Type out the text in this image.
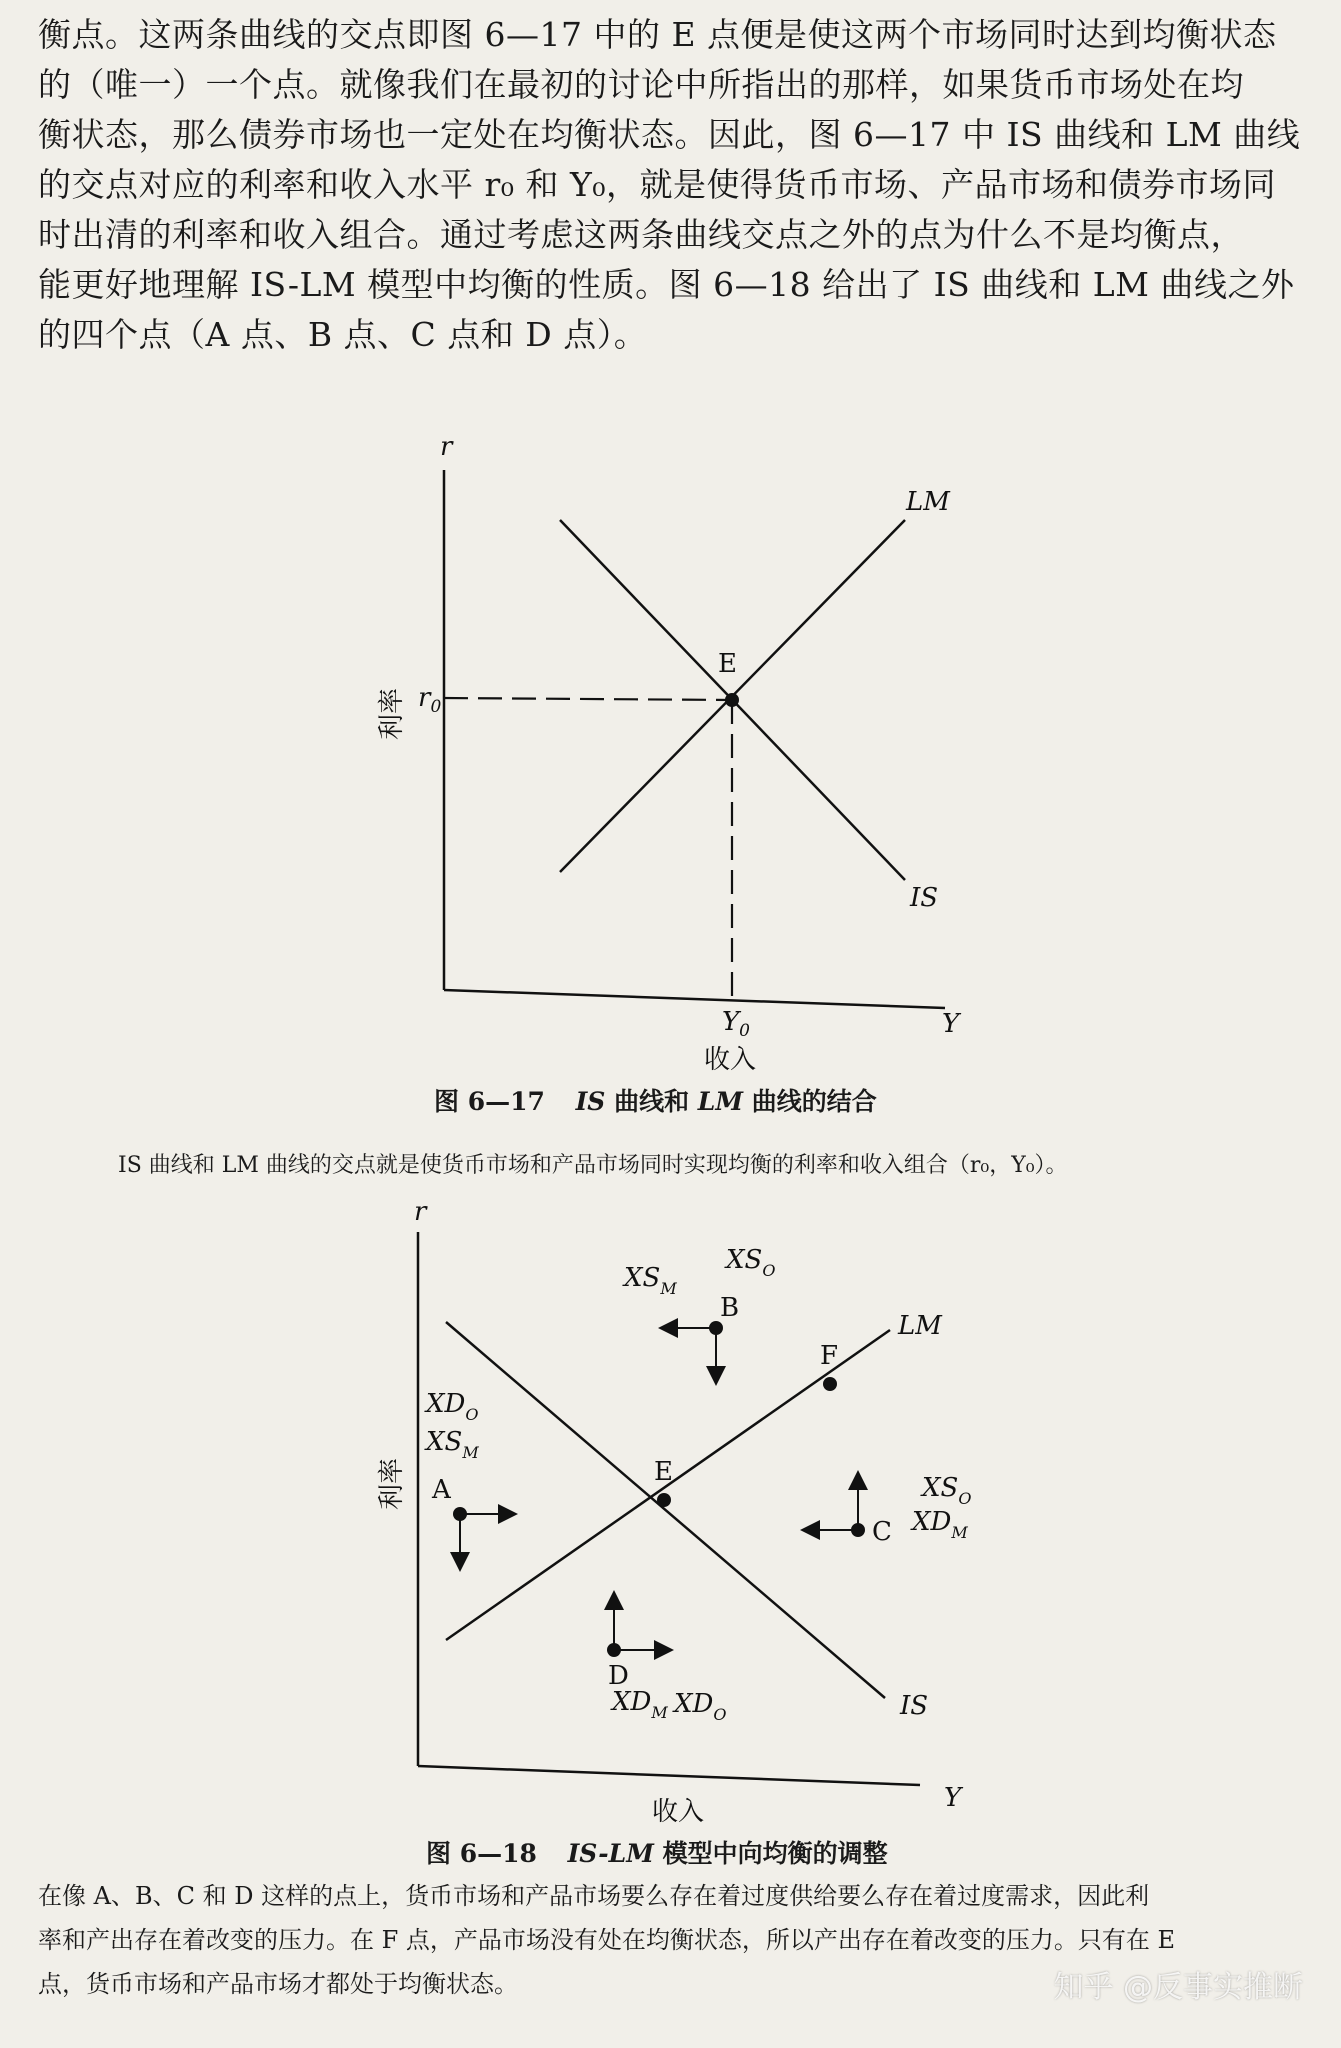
衡点。这两条曲线的交点即图 6—17 中的 E 点便是使这两个市场同时达到均衡状态
的（唯一）一个点。就像我们在最初的讨论中所指出的那样，如果货币市场处在均
衡状态，那么债券市场也一定处在均衡状态。因此，图 6—17 中 IS 曲线和 LM 曲线
的交点对应的利率和收入水平 r₀ 和 Y₀，就是使得货币市场、产品市场和债券市场同
时出清的利率和收入组合。通过考虑这两条曲线交点之外的点为什么不是均衡点，
能更好地理解 IS-LM 模型中均衡的性质。图 6—18 给出了 IS 曲线和 LM 曲线之外
的四个点（A 点、B 点、C 点和 D 点）。
r
Y
E
LM
IS
$r_0$
$Y_0$
收入
利率
图 6—17 IS 曲线和 LM 曲线的结合
IS 曲线和 LM 曲线的交点就是使货币市场和产品市场同时实现均衡的利率和收入组合（r₀，Y₀）。
r
Y
收入
利率
LM
IS
E
F
A
B
C
D
$XD_O$
$XS_M$
$XS_M$
$XS_O$
$XS_O$
$XD_M$
$XD_M$ $XD_O$
图 6—18 IS-LM 模型中向均衡的调整
在像 A、B、C 和 D 这样的点上，货币市场和产品市场要么存在着过度供给要么存在着过度需求，因此利
率和产出存在着改变的压力。在 F 点，产品市场没有处在均衡状态，所以产出存在着改变的压力。只有在 E
点，货币市场和产品市场才都处于均衡状态。	知乎 @反事实推断
